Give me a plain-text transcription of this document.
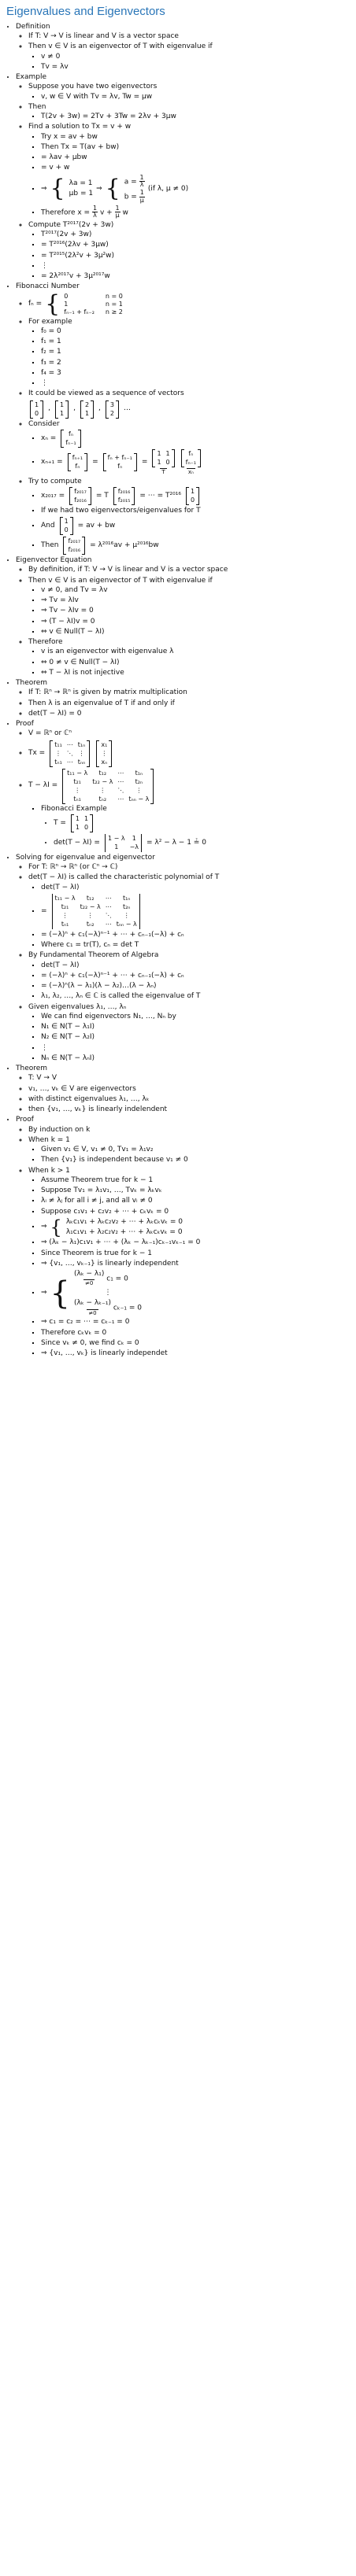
Eigenvalues and Eigenvectors
• Definition
◦ If T: V → V is linear and V is a vector space
◦ Then v ∈ V is an eigenvector of T with eigenvalue if
▪ v ≠ 0
▪ Tv = λv
• Example
◦ Suppose you have two eigenvectors
▪ v, w ∈ V with Tv = λv, Tw = μw
◦ Then
▪ T(2v + 3w) = 2Tv + 3Tw = 2λv + 3μw
◦ Find a solution to Tx = v + w
▪ Try x = av + bw
▪ Then Tx = T(av + bw)
▪ = λav + μbw
▪ = v + w
▪ ⇒ { λa = 1
μb = 1
⇒ { $a = \frac{1}{\lambda}$
$b = \frac{1}{\mu}$
(if λ, μ ≠ 0)
▪ Therefore $x = \frac{1}{\lambda}$ $v + \frac{1}{\mu}$ w
◦ Compute T²⁰¹⁷(2v + 3w)
▪ T²⁰¹⁷(2v + 3w)
▪ = T²⁰¹⁶(2λv + 3μw)
▪ = T²⁰¹⁵(2λ²v + 3μ²w)
▪ ⋮
▪ = 2λ²⁰¹⁷v + 3μ²⁰¹⁷w
• Fibonacci Number
◦ fₙ = { 0	n = 0
1	n = 1
fₙ₋₁ + fₙ₋₂ n ≥ 2
◦ For example
▪ f₀ = 0
▪ f₁ = 1
▪ f₂ = 1
▪ f₃ = 2
▪ f₄ = 3
▪ ⋮
◦ It could be viewed as a sequence of vectors
1
0
,
1
1
,
2
1
,
3
2
…
◦ Consider
▪ xₙ =
fₙ
fₙ₋₁
▪ xₙ₊₁ =
fₙ₊₁
fₙ
=
fₙ + fₙ₋₁
fₙ
=
1 1
1 0
T
fₙ
fₙ₋₁
xₙ
◦ Try to compute
▪ x₂₀₁₇ =
f₂₀₁₇
f₂₀₁₆
= T
f₂₀₁₆
f₂₀₁₅
= ⋯ = T²⁰¹⁶
1
0
▪ If we had two eigenvectors/eigenvalues for T
▪ And
1
0
= av + bw
▪ Then
f₂₀₁₇
f₂₀₁₆
= λ²⁰¹⁶av + μ²⁰¹⁶bw
• Eigenvector Equation
◦ By definition, if T: V → V is linear and V is a vector space
◦ Then v ∈ V is an eigenvector of T with eigenvalue if
▪ v ≠ 0, and Tv = λv
▪ ⇒ Tv = λIv
▪ ⇒ Tv − λIv = 0
▪ ⇒ (T − λI)v = 0
▪ ⇔ v ∈ Null(T − λI)
◦ Therefore
▪ v is an eigenvector with eigenvalue λ
▪ ⇔ 0 ≠ v ∈ Null(T − λI)
▪ ⇔ T − λI is not injective
• Theorem
◦ If T: ℝⁿ → ℝⁿ is given by matrix multiplication
◦ Then λ is an eigenvalue of T if and only if
◦ det(T − λI) = 0
• Proof
◦ V = ℝⁿ or ℂⁿ
◦ Tx =
t₁₁ ⋯ t₁ₙ
⋮ ⋱ ⋮
tₙ₁ ⋯ tₙₙ
x₁
⋮
xₙ
◦ T − λI =
t₁₁ − λ	t₁₂	⋯	t₁ₙ
t₂₁	t₂₂ − λ ⋯	t₂ₙ
⋮	⋮	⋱	⋮
tₙ₁	tₙ₂	⋯ tₙₙ − λ
▪ Fibonacci Example
• T =
1 1
1 0
• det(T − λI) =
1 − λ	1
1	−λ
= λ² − λ − 1 ≟ 0
• Solving for eigenvalue and eigenvector
◦ For T: ℝⁿ → ℝⁿ (or ℂⁿ → ℂ)
◦ det(T − λI) is called the characteristic polynomial of T
▪ det(T − λI)
▪ =
t₁₁ − λ	t₁₂	⋯	t₁ₙ
t₂₁	t₂₂ − λ ⋯	t₂ₙ
⋮	⋮	⋱	⋮
tₙ₁	tₙ₂	⋯ tₙₙ − λ
▪ = (−λ)ⁿ + c₁(−λ)ⁿ⁻¹ + ⋯ + cₙ₋₁(−λ) + cₙ
▪ Where c₁ = tr(T), cₙ = det T
◦ By Fundamental Theorem of Algebra
▪ det(T − λI)
▪ = (−λ)ⁿ + c₁(−λ)ⁿ⁻¹ + ⋯ + cₙ₋₁(−λ) + cₙ
▪ = (−λ)ⁿ(λ − λ₁)(λ − λ₂)…(λ − λₙ)
▪ λ₁, λ₂, …, λₙ ∈ ℂ is called the eigenvalue of T
◦ Given eigenvalues λ₁, …, λₙ
▪ We can find eigenvectors N₁, …, Nₙ by
▪ N₁ ∈ N(T − λ₁I)
▪ N₂ ∈ N(T − λ₂I)
▪ ⋮
▪ Nₙ ∈ N(T − λₙI)
• Theorem
◦ T: V → V
◦ v₁, …, vₖ ∈ V are eigenvectors
◦ with distinct eigenvalues λ₁, …, λₖ
◦ then {v₁, …, vₖ} is linearly indelendent
• Proof
◦ By induction on k
◦ When k = 1
▪ Given v₁ ∈ V, v₁ ≠ 0, Tv₁ = λ₁v₂
▪ Then {v₁} is independent because v₁ ≠ 0
◦ When k > 1
▪ Assume Theorem true for k − 1
▪ Suppose Tv₁ = λ₁v₁, …, Tvₖ = λₖvₖ
▪ λᵢ ≠ λⱼ for all i ≠ j, and all vᵢ ≠ 0
▪ Suppose c₁v₁ + c₂v₂ + ⋯ + cₖvₖ = 0
▪ ⇒ { λₖc₁v₁ + λₖc₂v₂ + ⋯ + λₖcₖvₖ = 0
λ₁c₁v₁ + λ₂c₂v₂ + ⋯ + λₖcₖvₖ = 0
▪ ⇒ (λₖ − λ₁)c₁v₁ + ⋯ + (λₖ − λₖ₋₁)cₖ₋₁vₖ₋₁ = 0
▪ Since Theorem is true for k − 1
▪ ⇒ {v₁, …, vₖ₋₁} is linearly independent
▪ ⇒ {
(λₖ − λ₁)
≠0
c₁ = 0
⋮
(λₖ − λₖ₋₁)
≠0
cₖ₋₁ = 0
▪ ⇒ c₁ = c₂ = ⋯ = cₖ₋₁ = 0
▪ Therefore cₖvₖ = 0
▪ Since vₖ ≠ 0, we find cₖ = 0
▪ ⇒ {v₁, …, vₖ} is linearly independet
